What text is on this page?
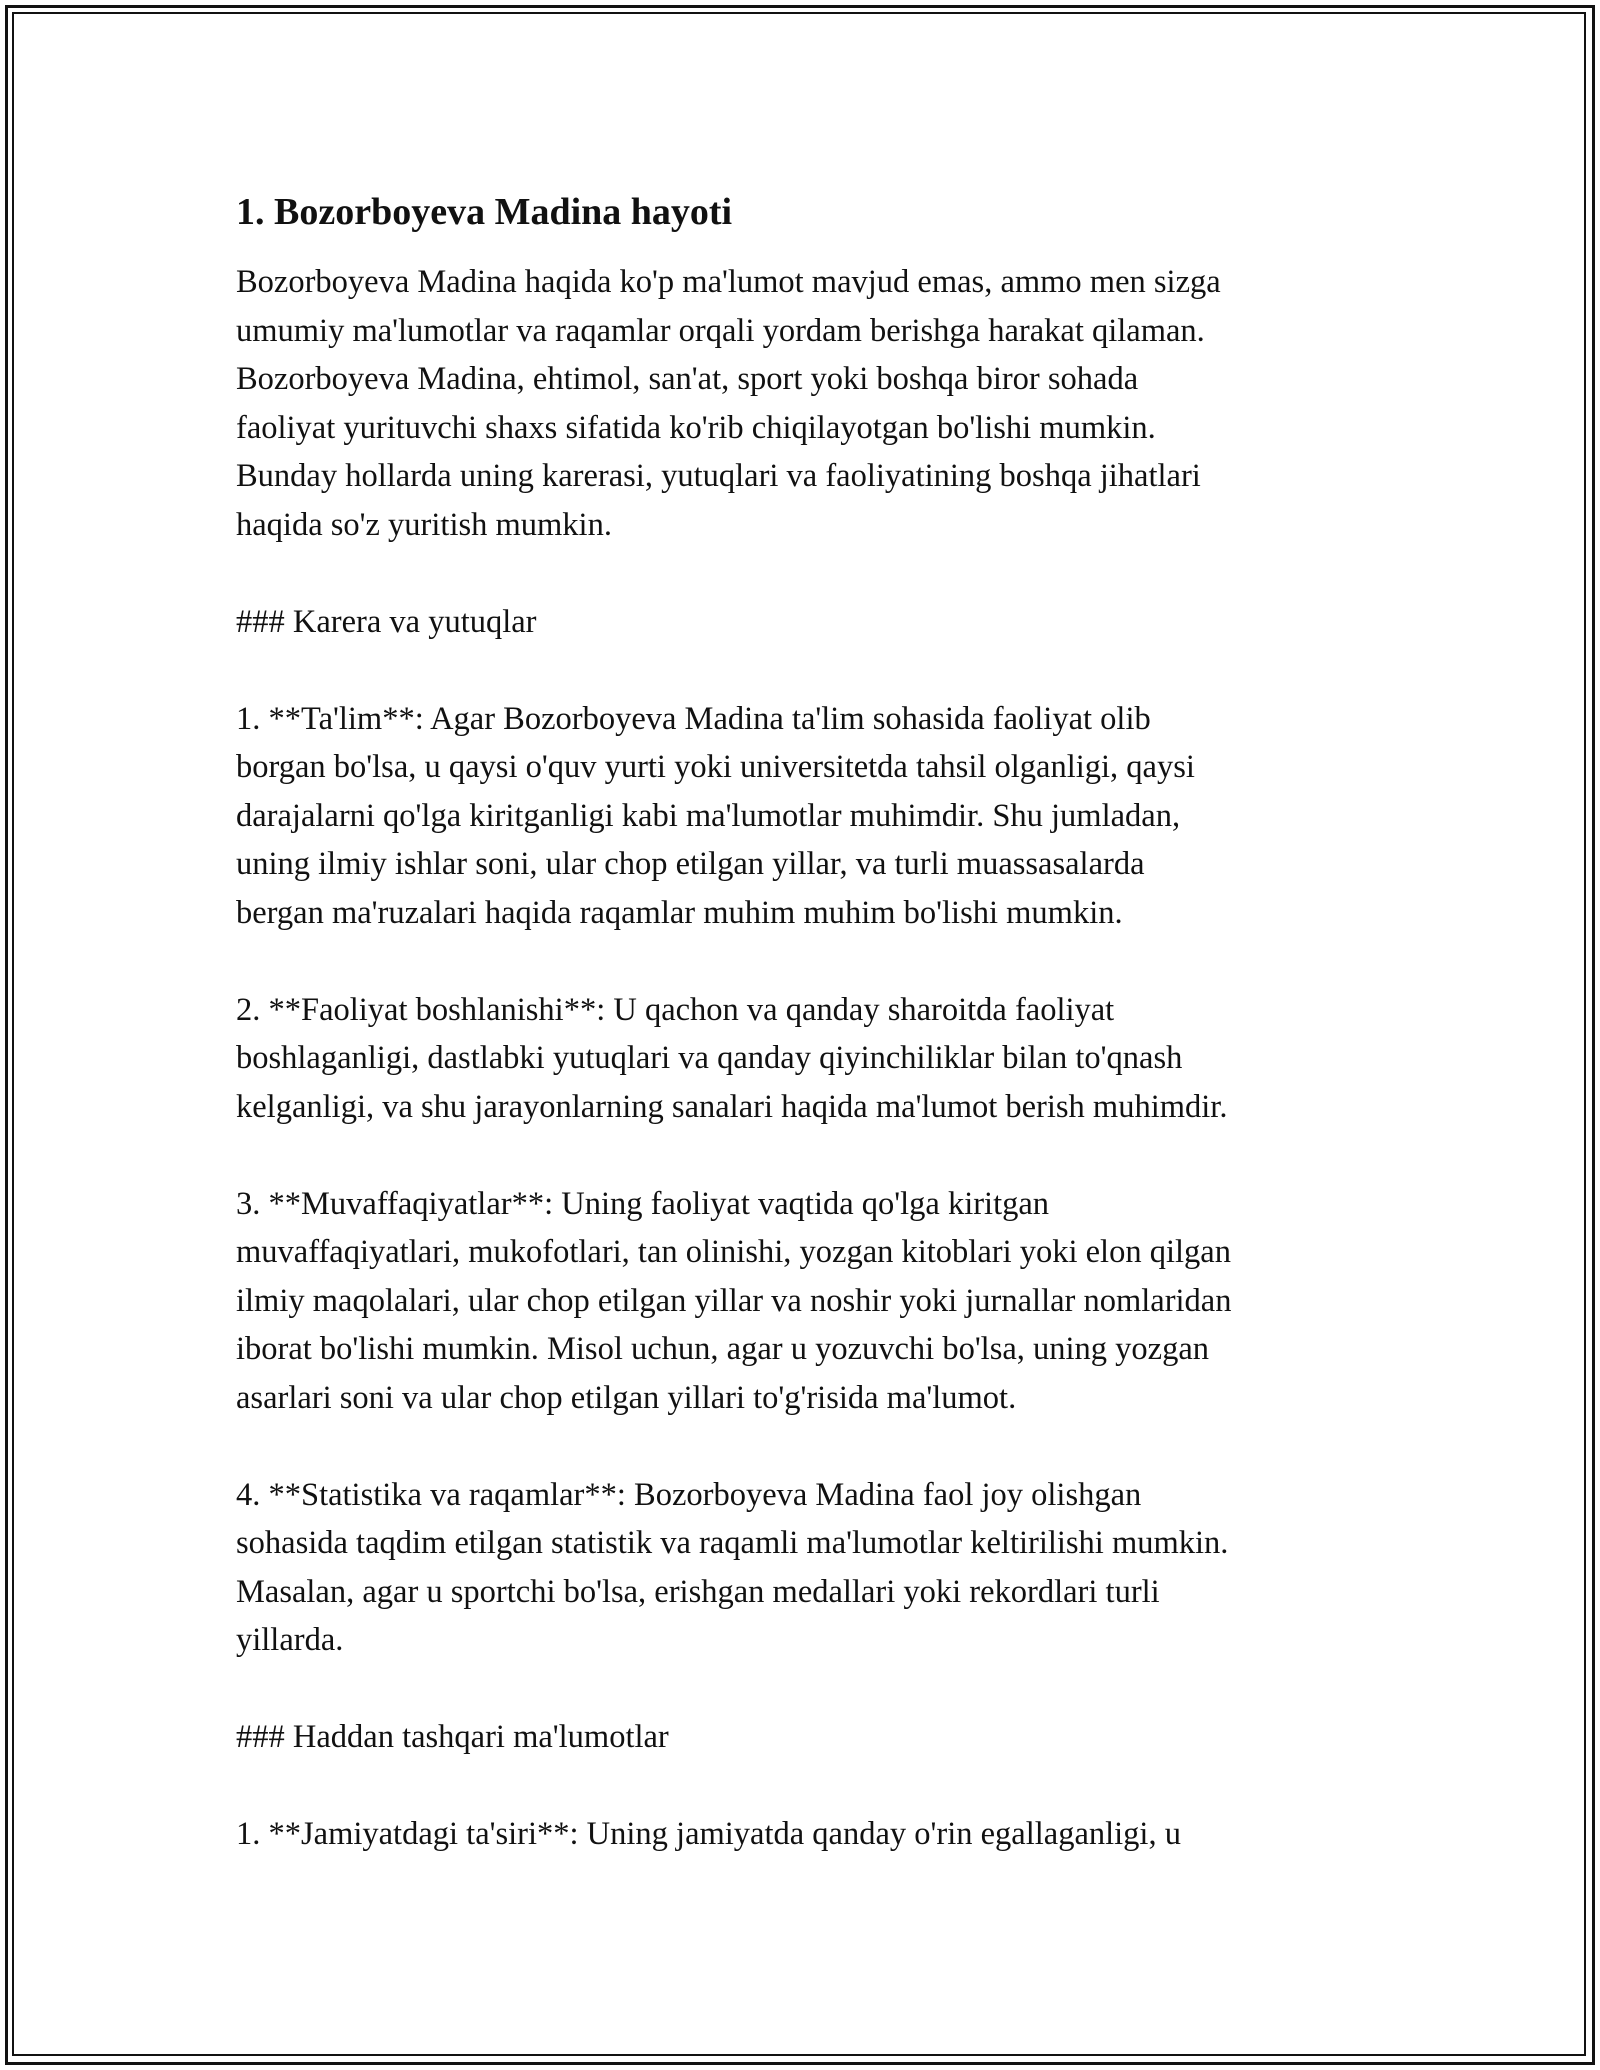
1. Bozorboyeva Madina hayoti
Bozorboyeva Madina haqida ko'p ma'lumot mavjud emas, ammo men sizga
umumiy ma'lumotlar va raqamlar orqali yordam berishga harakat qilaman.
Bozorboyeva Madina, ehtimol, san'at, sport yoki boshqa biror sohada
faoliyat yurituvchi shaxs sifatida ko'rib chiqilayotgan bo'lishi mumkin.
Bunday hollarda uning karerasi, yutuqlari va faoliyatining boshqa jihatlari
haqida so'z yuritish mumkin.
### Karera va yutuqlar
1. **Ta'lim**: Agar Bozorboyeva Madina ta'lim sohasida faoliyat olib
borgan bo'lsa, u qaysi o'quv yurti yoki universitetda tahsil olganligi, qaysi
darajalarni qo'lga kiritganligi kabi ma'lumotlar muhimdir. Shu jumladan,
uning ilmiy ishlar soni, ular chop etilgan yillar, va turli muassasalarda
bergan ma'ruzalari haqida raqamlar muhim muhim bo'lishi mumkin.
2. **Faoliyat boshlanishi**: U qachon va qanday sharoitda faoliyat
boshlaganligi, dastlabki yutuqlari va qanday qiyinchiliklar bilan to'qnash
kelganligi, va shu jarayonlarning sanalari haqida ma'lumot berish muhimdir.
3. **Muvaffaqiyatlar**: Uning faoliyat vaqtida qo'lga kiritgan
muvaffaqiyatlari, mukofotlari, tan olinishi, yozgan kitoblari yoki elon qilgan
ilmiy maqolalari, ular chop etilgan yillar va noshir yoki jurnallar nomlaridan
iborat bo'lishi mumkin. Misol uchun, agar u yozuvchi bo'lsa, uning yozgan
asarlari soni va ular chop etilgan yillari to'g'risida ma'lumot.
4. **Statistika va raqamlar**: Bozorboyeva Madina faol joy olishgan
sohasida taqdim etilgan statistik va raqamli ma'lumotlar keltirilishi mumkin.
Masalan, agar u sportchi bo'lsa, erishgan medallari yoki rekordlari turli
yillarda.
### Haddan tashqari ma'lumotlar
1. **Jamiyatdagi ta'siri**: Uning jamiyatda qanday o'rin egallaganligi, u
